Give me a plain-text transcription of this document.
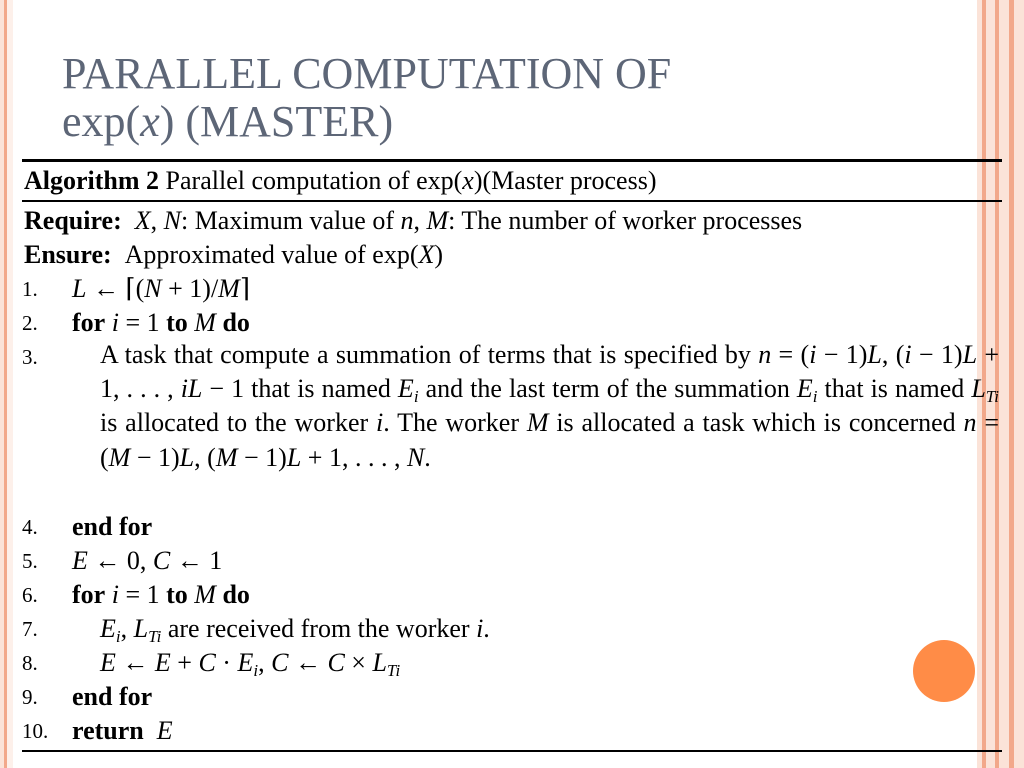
PARALLEL COMPUTATION OF
exp(x) (MASTER)
Algorithm 2 Parallel computation of exp(x)(Master process)
Require: X, N: Maximum value of n, M: The number of worker processes
Ensure:  Approximated value of exp(X)
1.	L ← ⌈(N + 1)/M⌉
2.	for i = 1 to M do
3.	A task that compute a summation of terms that is specified by n = (i − 1)L, (i − 1)L + 1, . . . , iL − 1 that is named $E_i$ and the last term of the summation $E_i$ that is named $L_{Ti}$ is allocated to the worker i. The worker M is allocated a task which is concerned n = (M − 1)L, (M − 1)L + 1, . . . , N.
4.	end for
5.	E ← 0, C ← 1
6.	for i = 1 to M do
7.	$E_i$, $L_{Ti}$ are received from the worker i.
8.	E ← $E + C \cdot E_i$, C ← $C \times L_{Ti}$
9.	end for
10. return E
